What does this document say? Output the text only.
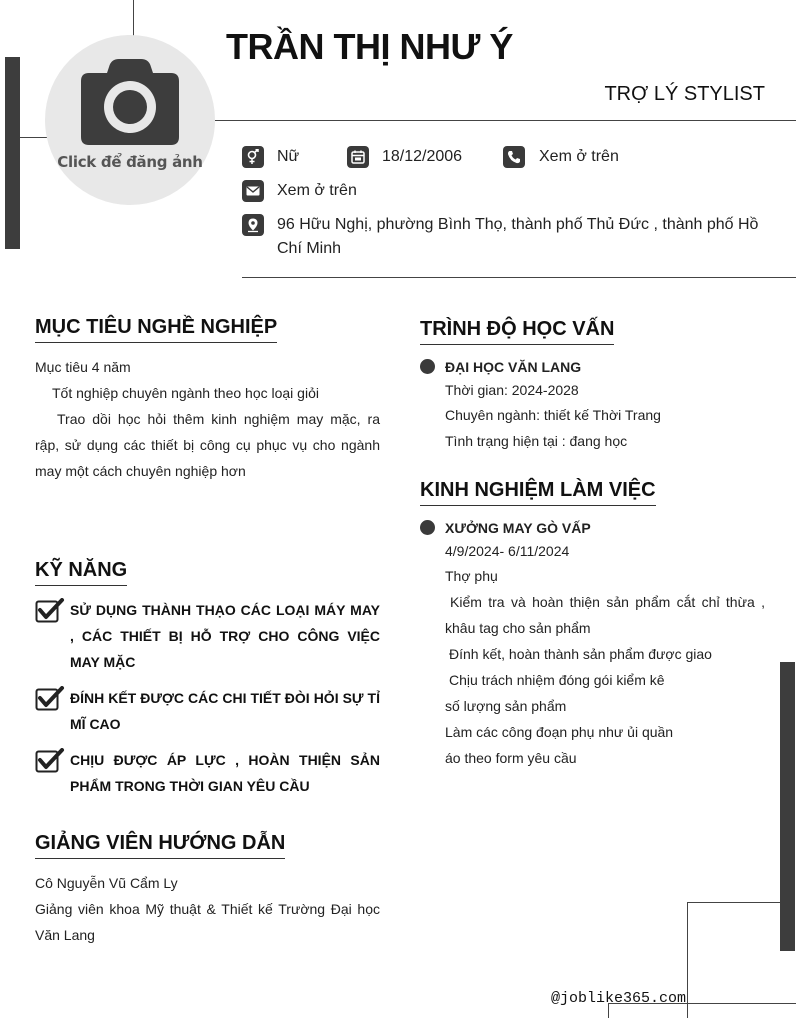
Click để đăng ảnh
TRẦN THỊ NHƯ Ý
TRỢ LÝ STYLIST
Nữ	18/12/2006	Xem ở trên
Xem ở trên
96 Hữu Nghị, phường Bình Thọ, thành phố Thủ Đức , thành phố Hồ
Chí Minh
MỤC TIÊU NGHỀ NGHIỆP
Mục tiêu 4 năm
Tốt nghiệp chuyên ngành theo học loại giỏi
Trao dồi học hỏi thêm kinh nghiệm may mặc, ra rập, sử dụng các thiết bị công cụ phục vụ cho ngành may một cách chuyên nghiệp hơn
KỸ NĂNG
SỬ DỤNG THÀNH THẠO CÁC LOẠI MÁY MAY , CÁC THIẾT BỊ HỖ TRỢ CHO CÔNG VIỆC MAY MẶC
ĐÍNH KẾT ĐƯỢC CÁC CHI TIẾT ĐÒI HỎI SỰ TỈ MĨ CAO
CHỊU ĐƯỢC ÁP LỰC , HOÀN THIỆN SẢN PHẨM TRONG THỜI GIAN YÊU CẦU
GIẢNG VIÊN HƯỚNG DẪN
Cô Nguyễn Vũ Cẩm Ly
Giảng viên khoa Mỹ thuật & Thiết kế Trường Đại học Văn Lang
TRÌNH ĐỘ HỌC VẤN
ĐẠI HỌC VĂN LANG
Thời gian: 2024-2028
Chuyên ngành: thiết kế Thời Trang
Tình trạng hiện tại : đang học
KINH NGHIỆM LÀM VIỆC
XƯỞNG MAY GÒ VẤP
4/9/2024- 6/11/2024
Thợ phụ
Kiểm tra và hoàn thiện sản phẩm cắt chỉ thừa , khâu tag cho sản phẩm
Đính kết, hoàn thành sản phẩm được giao
Chịu trách nhiệm đóng gói kiểm kê
số lượng sản phẩm
Làm các công đoạn phụ như ủi quần
áo theo form yêu cầu
@joblike365.com
